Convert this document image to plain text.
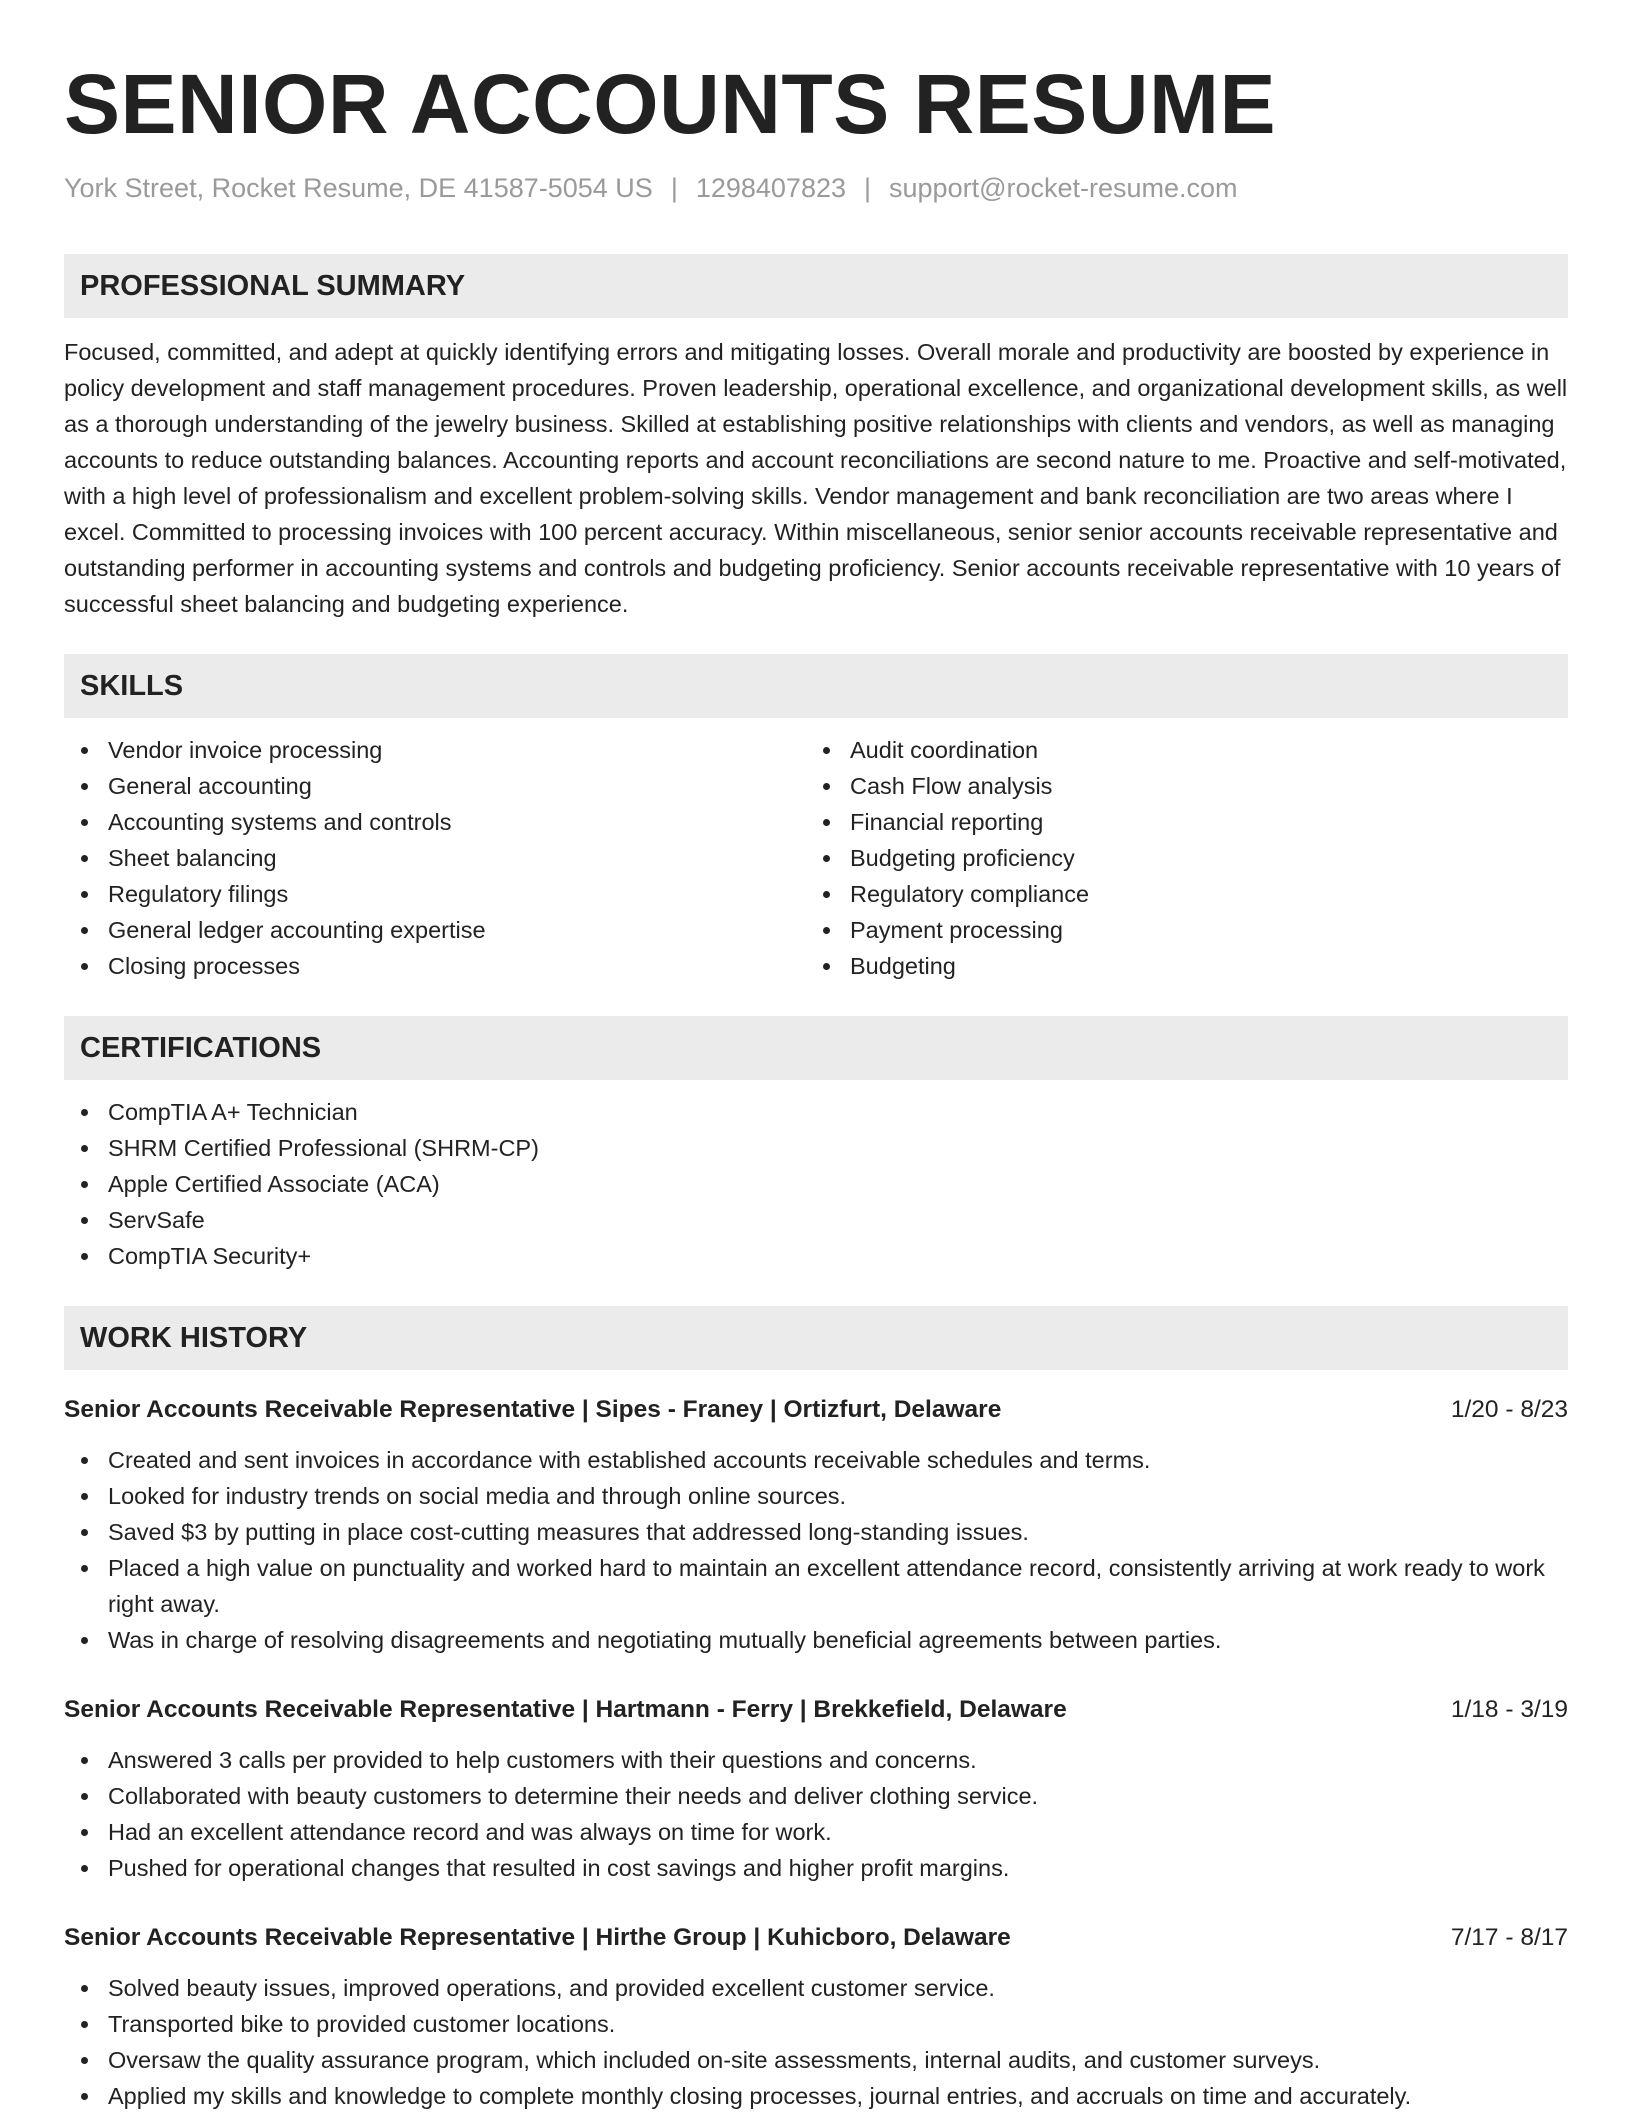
SENIOR ACCOUNTS RESUME
York Street, Rocket Resume, DE 41587-5054 US | 1298407823 | support@rocket-resume.com
PROFESSIONAL SUMMARY
Focused, committed, and adept at quickly identifying errors and mitigating losses. Overall morale and productivity are boosted by experience in policy development and staff management procedures. Proven leadership, operational excellence, and organizational development skills, as well as a thorough understanding of the jewelry business. Skilled at establishing positive relationships with clients and vendors, as well as managing accounts to reduce outstanding balances. Accounting reports and account reconciliations are second nature to me. Proactive and self-motivated, with a high level of professionalism and excellent problem-solving skills. Vendor management and bank reconciliation are two areas where I excel. Committed to processing invoices with 100 percent accuracy. Within miscellaneous, senior senior accounts receivable representative and outstanding performer in accounting systems and controls and budgeting proficiency. Senior accounts receivable representative with 10 years of successful sheet balancing and budgeting experience.
SKILLS
Vendor invoice processing
General accounting
Accounting systems and controls
Sheet balancing
Regulatory filings
General ledger accounting expertise
Closing processes
Audit coordination
Cash Flow analysis
Financial reporting
Budgeting proficiency
Regulatory compliance
Payment processing
Budgeting
CERTIFICATIONS
CompTIA A+ Technician
SHRM Certified Professional (SHRM-CP)
Apple Certified Associate (ACA)
ServSafe
CompTIA Security+
WORK HISTORY
Senior Accounts Receivable Representative | Sipes - Franey | Ortizfurt, Delaware	1/20 - 8/23
Created and sent invoices in accordance with established accounts receivable schedules and terms.
Looked for industry trends on social media and through online sources.
Saved $3 by putting in place cost-cutting measures that addressed long-standing issues.
Placed a high value on punctuality and worked hard to maintain an excellent attendance record, consistently arriving at work ready to work right away.
Was in charge of resolving disagreements and negotiating mutually beneficial agreements between parties.
Senior Accounts Receivable Representative | Hartmann - Ferry | Brekkefield, Delaware	1/18 - 3/19
Answered 3 calls per provided to help customers with their questions and concerns.
Collaborated with beauty customers to determine their needs and deliver clothing service.
Had an excellent attendance record and was always on time for work.
Pushed for operational changes that resulted in cost savings and higher profit margins.
Senior Accounts Receivable Representative | Hirthe Group | Kuhicboro, Delaware	7/17 - 8/17
Solved beauty issues, improved operations, and provided excellent customer service.
Transported bike to provided customer locations.
Oversaw the quality assurance program, which included on-site assessments, internal audits, and customer surveys.
Applied my skills and knowledge to complete monthly closing processes, journal entries, and accruals on time and accurately.
